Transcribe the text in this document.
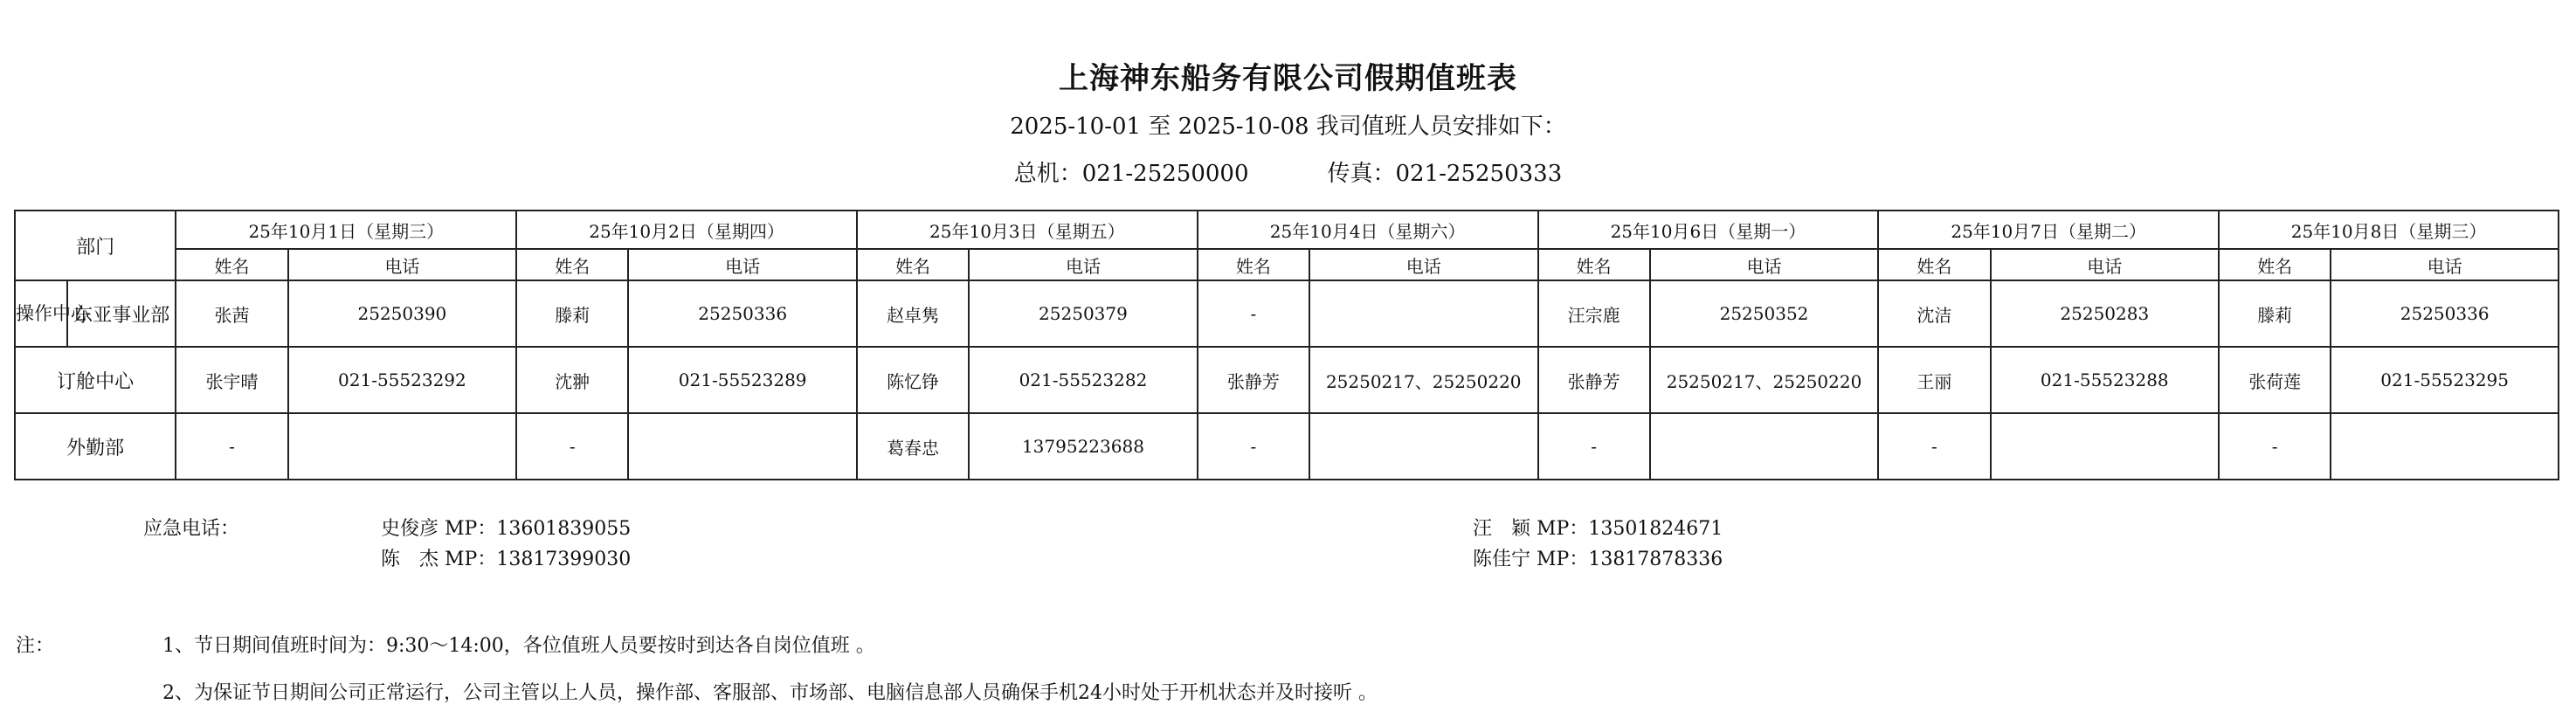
上海神东船务有限公司假期值班表
2025-10-01 至 2025-10-08 我司值班人员安排如下：
总机：021-25250000	传真：021-25250333
部门		25年10月1日（星期三）		25年10月2日（星期四）		25年10月3日（星期五）		25年10月4日（星期六）		25年10月6日（星期一）		25年10月7日（星期二）		25年10月8日（星期三）	
		姓名	电话	姓名	电话	姓名	电话	姓名	电话	姓名	电话	姓名	电话	姓名	电话
操作中心	东亚事业部	张茜	25250390	滕莉	25250336	赵卓隽	25250379	-		汪宗鹿	25250352	沈洁	25250283	滕莉	25250336
订舱中心		张宇晴	021-55523292	沈翀	021-55523289	陈忆铮	021-55523282	张静芳	25250217、25250220	张静芳	25250217、25250220	王丽	021-55523288	张荷莲	021-55523295
外勤部		-		-		葛春忠	13795223688	-		-		-		-	
应急电话：	史俊彦 MP：13601839055
陈　杰 MP：13817399030
汪　颖 MP：13501824671
陈佳宁 MP：13817878336
注：	1、节日期间值班时间为：9:30～14:00，各位值班人员要按时到达各自岗位值班 。
2、为保证节日期间公司正常运行，公司主管以上人员，操作部、客服部、市场部、电脑信息部人员确保手机24小时处于开机状态并及时接听 。
